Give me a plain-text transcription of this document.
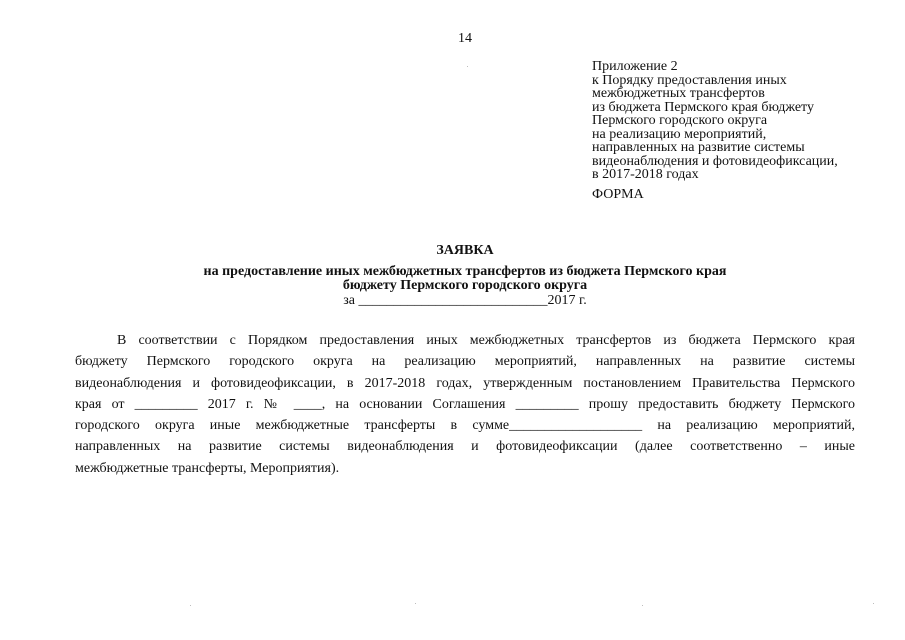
14
Приложение 2
к Порядку предоставления иных
межбюджетных трансфертов
из бюджета Пермского края бюджету
Пермского городского округа
на реализацию мероприятий,
направленных на развитие системы
видеонаблюдения и фотовидеофиксации,
в 2017-2018 годах
ФОРМА
ЗАЯВКА
на предоставление иных межбюджетных трансфертов из бюджета Пермского края
бюджету Пермского городского округа
за ___________________________2017 г.
В соответствии с Порядком предоставления иных межбюджетных трансфертов из бюджета Пермского края
бюджету Пермского городского округа на реализацию мероприятий, направленных на развитие системы
видеонаблюдения и фотовидеофиксации, в 2017-2018 годах, утвержденным постановлением Правительства Пермского
края от _________ 2017 г. № ____, на основании Соглашения _________ прошу предоставить бюджету Пермского
городского округа иные межбюджетные трансферты в сумме___________________ на реализацию мероприятий,
направленных на развитие системы видеонаблюдения и фотовидеофиксации (далее соответственно – иные
межбюджетные трансферты, Мероприятия).
